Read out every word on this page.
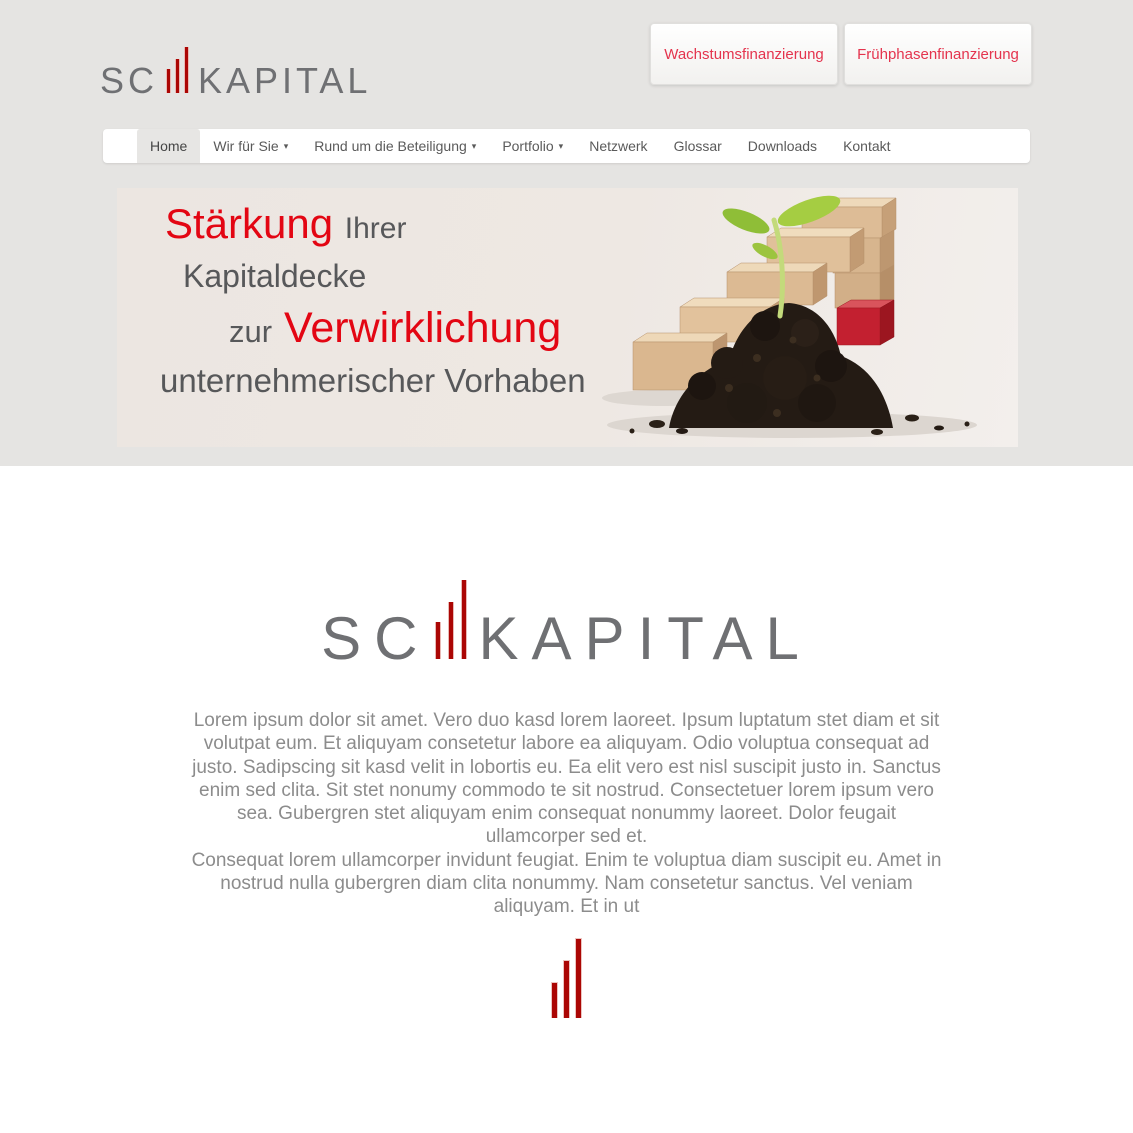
SC KAPITAL
Wachstumsfinanzierung	Frühphasenfinanzierung
Home Wir für Sie ▾ Rund um die Beteiligung ▾ Portfolio ▾ Netzwerk Glossar Downloads Kontakt
Stärkung Ihrer
Kapitaldecke
zur Verwirklichung
unternehmerischer Vorhaben
SC KAPITAL

Lorem ipsum dolor sit amet. Vero duo kasd lorem laoreet. Ipsum luptatum stet diam et sit volutpat eum. Et aliquyam consetetur labore ea aliquyam. Odio voluptua consequat ad justo. Sadipscing sit kasd velit in lobortis eu. Ea elit vero est nisl suscipit justo in. Sanctus enim sed clita. Sit stet nonumy commodo te sit nostrud. Consectetuer lorem ipsum vero sea. Gubergren stet aliquyam enim consequat nonummy laoreet. Dolor feugait ullamcorper sed et.

Consequat lorem ullamcorper invidunt feugiat. Enim te voluptua diam suscipit eu. Amet in nostrud nulla gubergren diam clita nonummy. Nam consetetur sanctus. Vel veniam aliquyam. Et in ut
